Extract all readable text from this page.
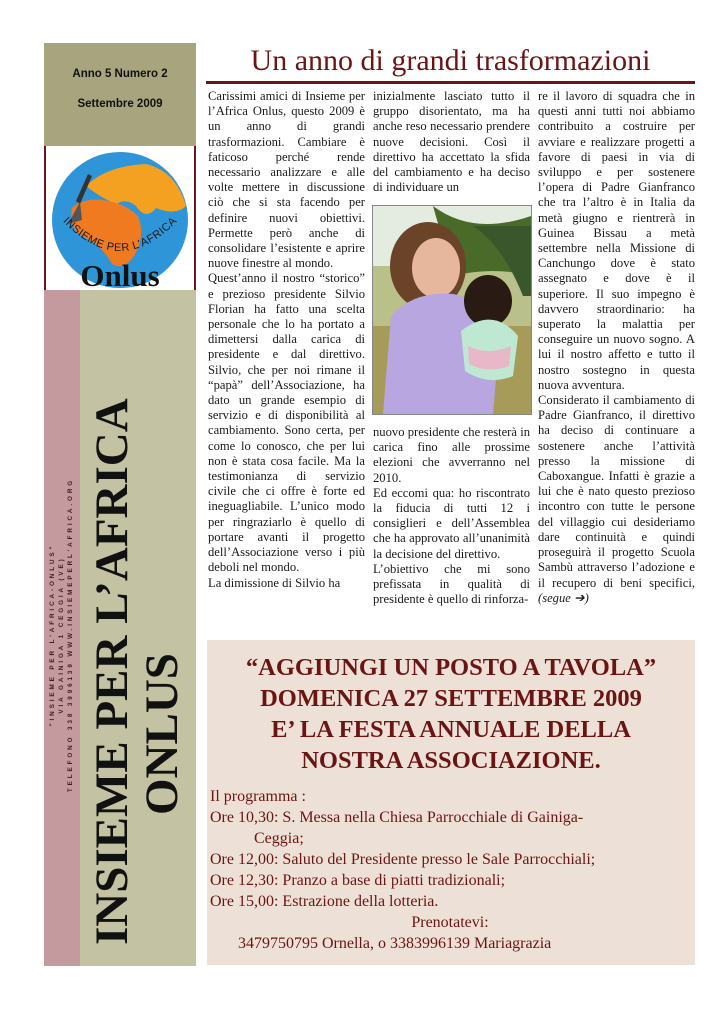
Anno 5 Numero 2
Settembre 2009
INSIEME PER L'AFRICA
Onlus
"INSIEME PER L'AFRICA-ONLUS" VIA GAINIGA 1 CEGGIA (VE) TELEFONO 338 3996139 WWW.INSIEMEPERL'AFRICA.ORG INSIEME PER L’AFRICA
ONLUS
Un anno di grandi trasformazioni

Carissimi amici di Insieme per l’Africa Onlus, questo 2009 è un anno di grandi trasformazioni. Cambiare è faticoso perché rende necessario analizzare e alle volte mettere in discussione ciò che si sta facendo per definire nuovi obiettivi. Permette però anche di consolidare l’esistente e aprire nuove finestre al mondo.

Quest’anno il nostro “storico” e prezioso presidente Silvio Florian ha fatto una scelta personale che lo ha portato a dimettersi dalla carica di presidente e dal direttivo. Silvio, che per noi rimane il “papà” dell’Associazione, ha dato un grande esempio di servizio e di disponibilità al cambiamento. Sono certa, per come lo conosco, che per lui non è stata cosa facile. Ma la testimonianza di servizio civile che ci offre è forte ed ineguagliabile. L’unico modo per ringraziarlo è quello di portare avanti il progetto dell’Associazione verso i più deboli nel mondo.

La dimissione di Silvio ha

inizialmente lasciato tutto il gruppo disorientato, ma ha anche reso necessario prendere nuove decisioni. Così il direttivo ha accettato la sfida del cambiamento e ha deciso di individuare un

nuovo presidente che resterà in carica fino alle prossime elezioni che avverranno nel 2010.

Ed eccomi qua: ho riscontrato la fiducia di tutti 12 i consiglieri e dell’Assemblea che ha approvato all’unanimità la decisione del direttivo.

L’obiettivo che mi sono prefissata in qualità di presidente è quello di rinforza-

re il lavoro di squadra che in questi anni tutti noi abbiamo contribuito a costruire per avviare e realizzare progetti a favore di paesi in via di sviluppo e per sostenere l’opera di Padre Gianfranco che tra l’altro è in Italia da metà giugno e rientrerà in Guinea Bissau a metà settembre nella Missione di Canchungo dove è stato assegnato e dove è il superiore. Il suo impegno è davvero straordinario: ha superato la malattia per conseguire un nuovo sogno. A lui il nostro affetto e tutto il nostro sostegno in questa nuova avventura.

Considerato il cambiamento di Padre Gianfranco, il direttivo ha deciso di continuare a sostenere anche l’attività presso la missione di Caboxangue. Infatti è grazie a lui che è nato questo prezioso incontro con tutte le persone del villaggio cui desideriamo dare continuità e quindi proseguirà il progetto Scuola Sambù attraverso l’adozione e il recupero di beni specifici, (segue ➔)

“AGGIUNGI UN POSTO A TAVOLA”
DOMENICA 27 SETTEMBRE 2009
E’ LA FESTA ANNUALE DELLA
NOSTRA ASSOCIAZIONE.
Il programma :
Ore 10,30: S. Messa nella Chiesa Parrocchiale di Gainiga-
Ceggia;
Ore 12,00: Saluto del Presidente presso le Sale Parrocchiali;
Ore 12,30: Pranzo a base di piatti tradizionali;
Ore 15,00: Estrazione della lotteria.
Prenotatevi:
3479750795 Ornella, o 3383996139 Mariagrazia
